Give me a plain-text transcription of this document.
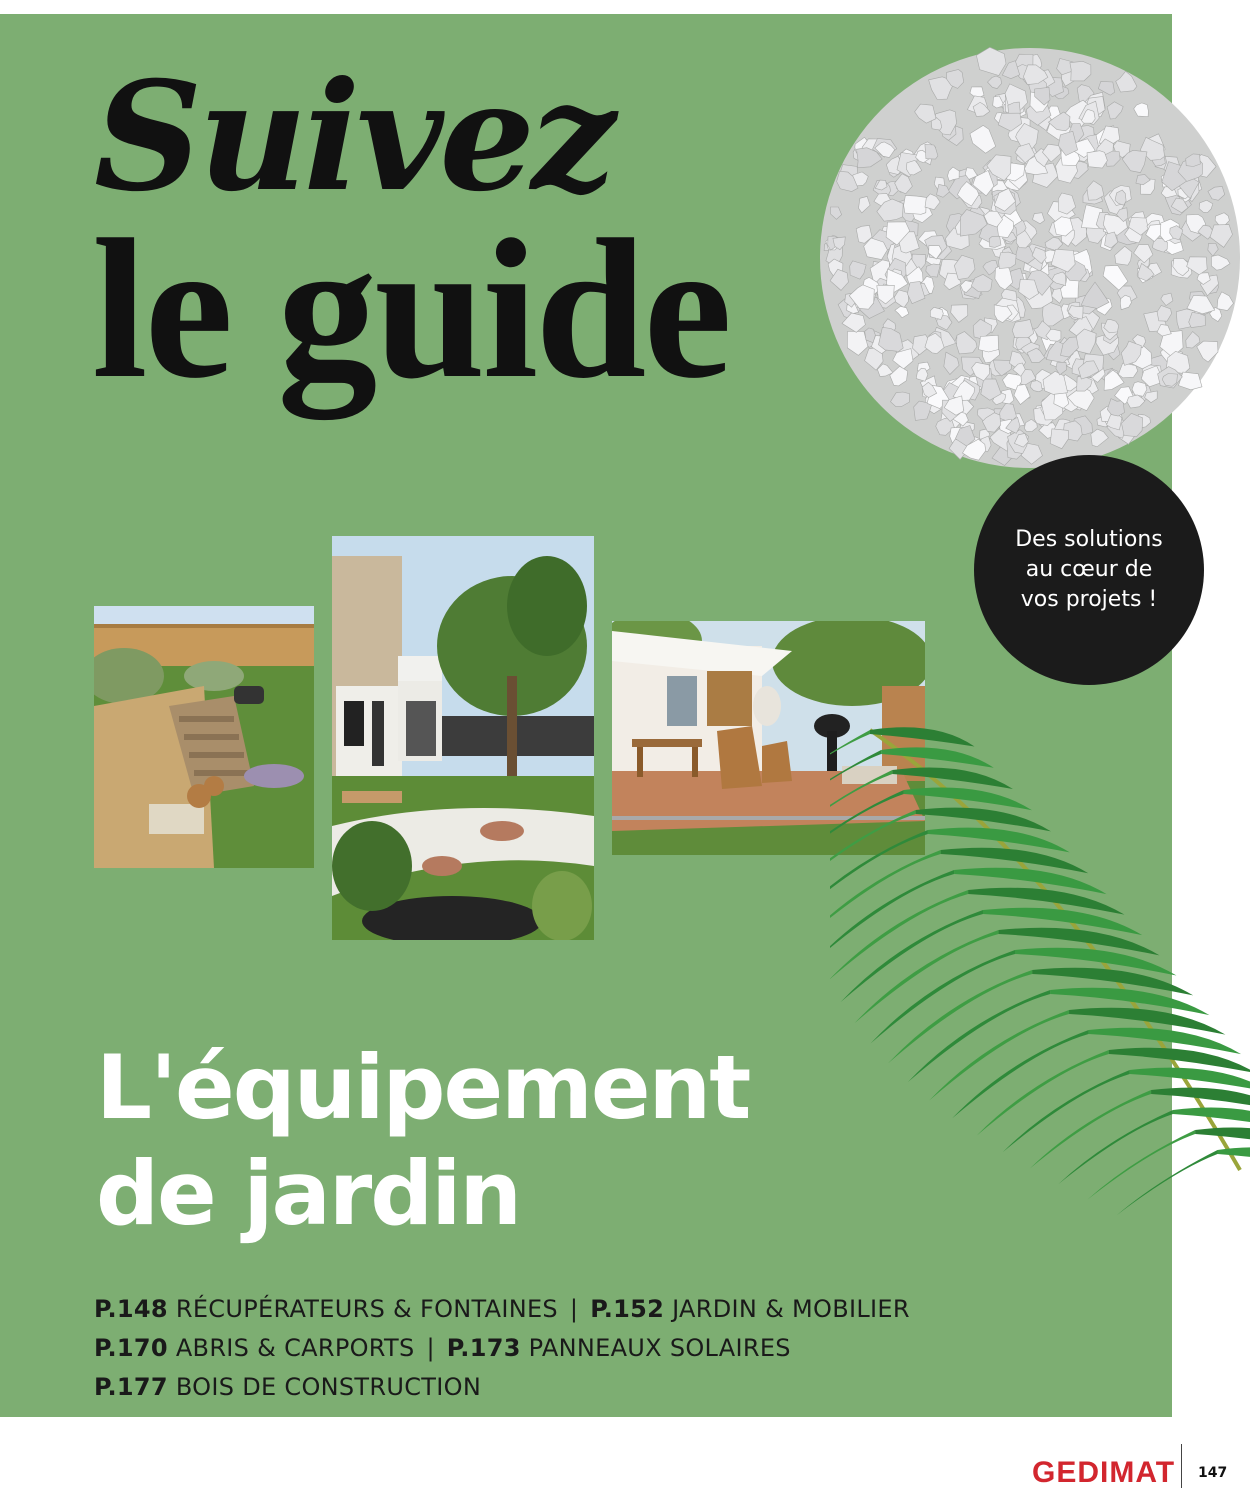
Suivez
le guide
Des solutions
au cœur de
vos projets !
L'équipement
de jardin
P.148 RÉCUPÉRATEURS & FONTAINES | P.152 JARDIN & MOBILIER
P.170 ABRIS & CARPORTS | P.173 PANNEAUX SOLAIRES
P.177 BOIS DE CONSTRUCTION
GEDIMAT 147
